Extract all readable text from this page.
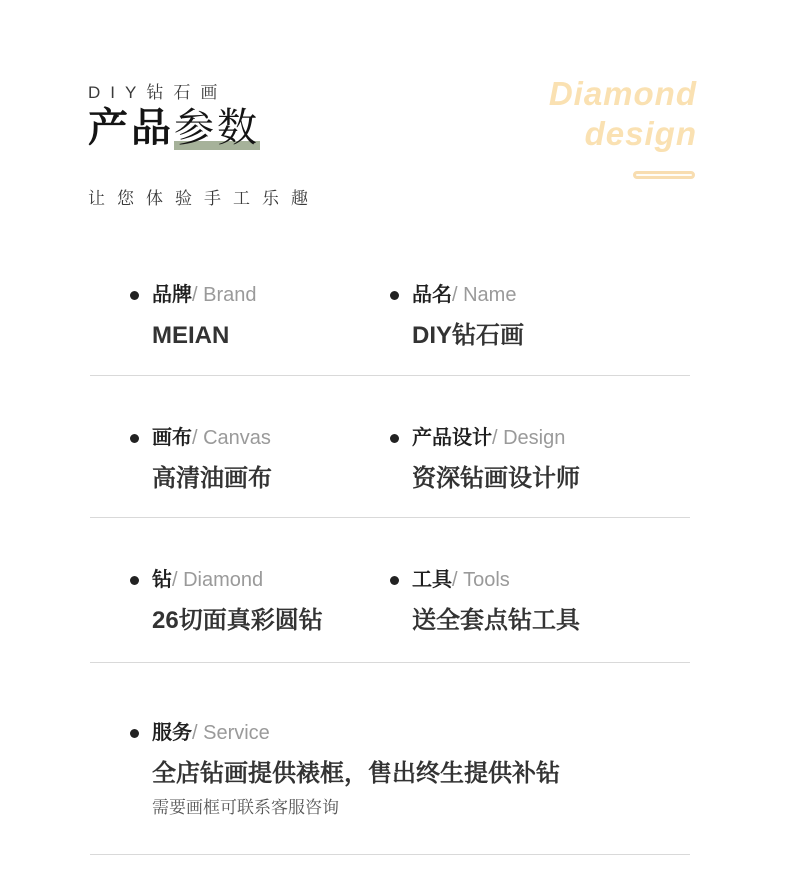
DIY钻石画
产品参数
让您体验手工乐趣
Diamond
design
品牌/ Brand
MEIAN
品名/ Name
DIY钻石画
画布/ Canvas
高清油画布
产品设计/ Design
资深钻画设计师
钻/ Diamond
26切面真彩圆钻
工具/ Tools
送全套点钻工具
服务/ Service
全店钻画提供裱框，售出终生提供补钻
需要画框可联系客服咨询
